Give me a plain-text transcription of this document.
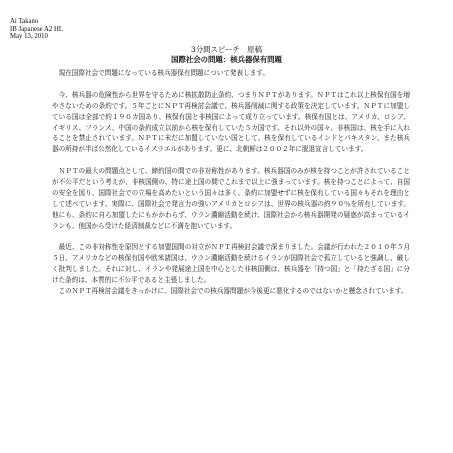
Ai Takano
IB Japanese A2 HL
May 13, 2010
3分間スピーチ　原稿
国際社会の問題：核兵器保有問題

現在国際社会で問題になっている核兵器保有問題について発表します。

今、核兵器の危険性から世界を守るために核拡散防止条約、つまりＮＰＴがあります。ＮＰＴはこれ以上核保有国を増やさないための条約です。５年ごとにＮＰＴ再検討会議で、核兵器削減に関する政策を決定しています。ＮＰＴに加盟している国は全部で約１９０カ国あり、核保有国と非核国によって成り立っています。核保有国とは、アメリカ、ロシア、イギリス、フランス、中国の条約成立以前から核を保有していた５カ国です。それ以外の国々、非核国は、核を手に入れることを禁止されています。ＮＰＴに未だに加盟していない国として、核を保有しているインドとパキスタン、また核兵器の所持が半ば公然化しているイスラエルがあります。更に、北朝鮮は２００２年に脱退宣言しています。

ＮＰＴの最大の問題点として、締約国の間での非対称性があります。核兵器国のみが核を持つことが許されていることが不公平だという考えが、非核国側の、特に途上国の間でこれまで以上に強まっています。核を持つことによって、自国の安全を図り、国際社会での立場を高めたいという国々は多く、条約に加盟せずに核を保有している国々もそれを理由として述べています。実際に、国際社会で発言力の強いアメリカとロシアは、世界の核兵器の約９０％を所有しています。他にも、条約に自ら加盟したにもかかわらず、ウラン濃縮活動を続け、国際社会から核兵器開発の疑惑が高まっているイランも、他国から受けた経済制裁などに不満を抱いています。

最近、この非対称性を原因とする加盟国間の対立がＮＰＴ再検討会議で深まりました。会議が行われた２０１０年５月５日、アメリカなどの核保有国や欧米諸国は、ウラン濃縮活動を続けるイランが国際社会で孤立していると強調し、厳しく批判しました。それに対し、イランや発展途上国を中心とした非核国側は、核兵器を「持つ国」と「持たざる国」に分けた条約は、本質的に不公平であると主張しました。

このＮＰＴ再検討会議をきっかけに、国際社会での核兵器問題が今後更に悪化するのではないかと懸念されています。
